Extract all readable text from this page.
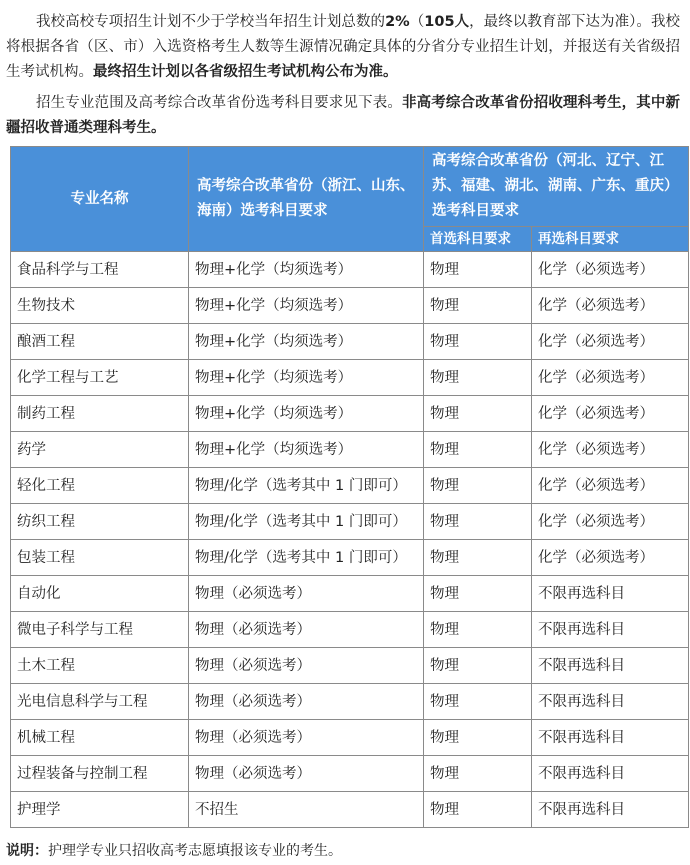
我校高校专项招生计划不少于学校当年招生计划总数的2%（105人，最终以教育部下达为准）。我校将根据各省（区、市）入选资格考生人数等生源情况确定具体的分省分专业招生计划，并报送有关省级招生考试机构。最终招生计划以各省级招生考试机构公布为准。

招生专业范围及高考综合改革省份选考科目要求见下表。非高考综合改革省份招收理科考生，其中新疆招收普通类理科考生。

专业名称	高考综合改革省份（浙江、山东、海南）选考科目要求	高考综合改革省份（河北、辽宁、江苏、福建、湖北、湖南、广东、重庆）选考科目要求	
		首选科目要求	再选科目要求
食品科学与工程	物理+化学（均须选考）	物理	化学（必须选考）
生物技术	物理+化学（均须选考）	物理	化学（必须选考）
酿酒工程	物理+化学（均须选考）	物理	化学（必须选考）
化学工程与工艺	物理+化学（均须选考）	物理	化学（必须选考）
制药工程	物理+化学（均须选考）	物理	化学（必须选考）
药学	物理+化学（均须选考）	物理	化学（必须选考）
轻化工程	物理/化学（选考其中 1 门即可）	物理	化学（必须选考）
纺织工程	物理/化学（选考其中 1 门即可）	物理	化学（必须选考）
包装工程	物理/化学（选考其中 1 门即可）	物理	化学（必须选考）
自动化	物理（必须选考）	物理	不限再选科目
微电子科学与工程	物理（必须选考）	物理	不限再选科目
土木工程	物理（必须选考）	物理	不限再选科目
光电信息科学与工程	物理（必须选考）	物理	不限再选科目
机械工程	物理（必须选考）	物理	不限再选科目
过程装备与控制工程	物理（必须选考）	物理	不限再选科目
护理学	不招生	物理	不限再选科目
说明：护理学专业只招收高考志愿填报该专业的考生。
